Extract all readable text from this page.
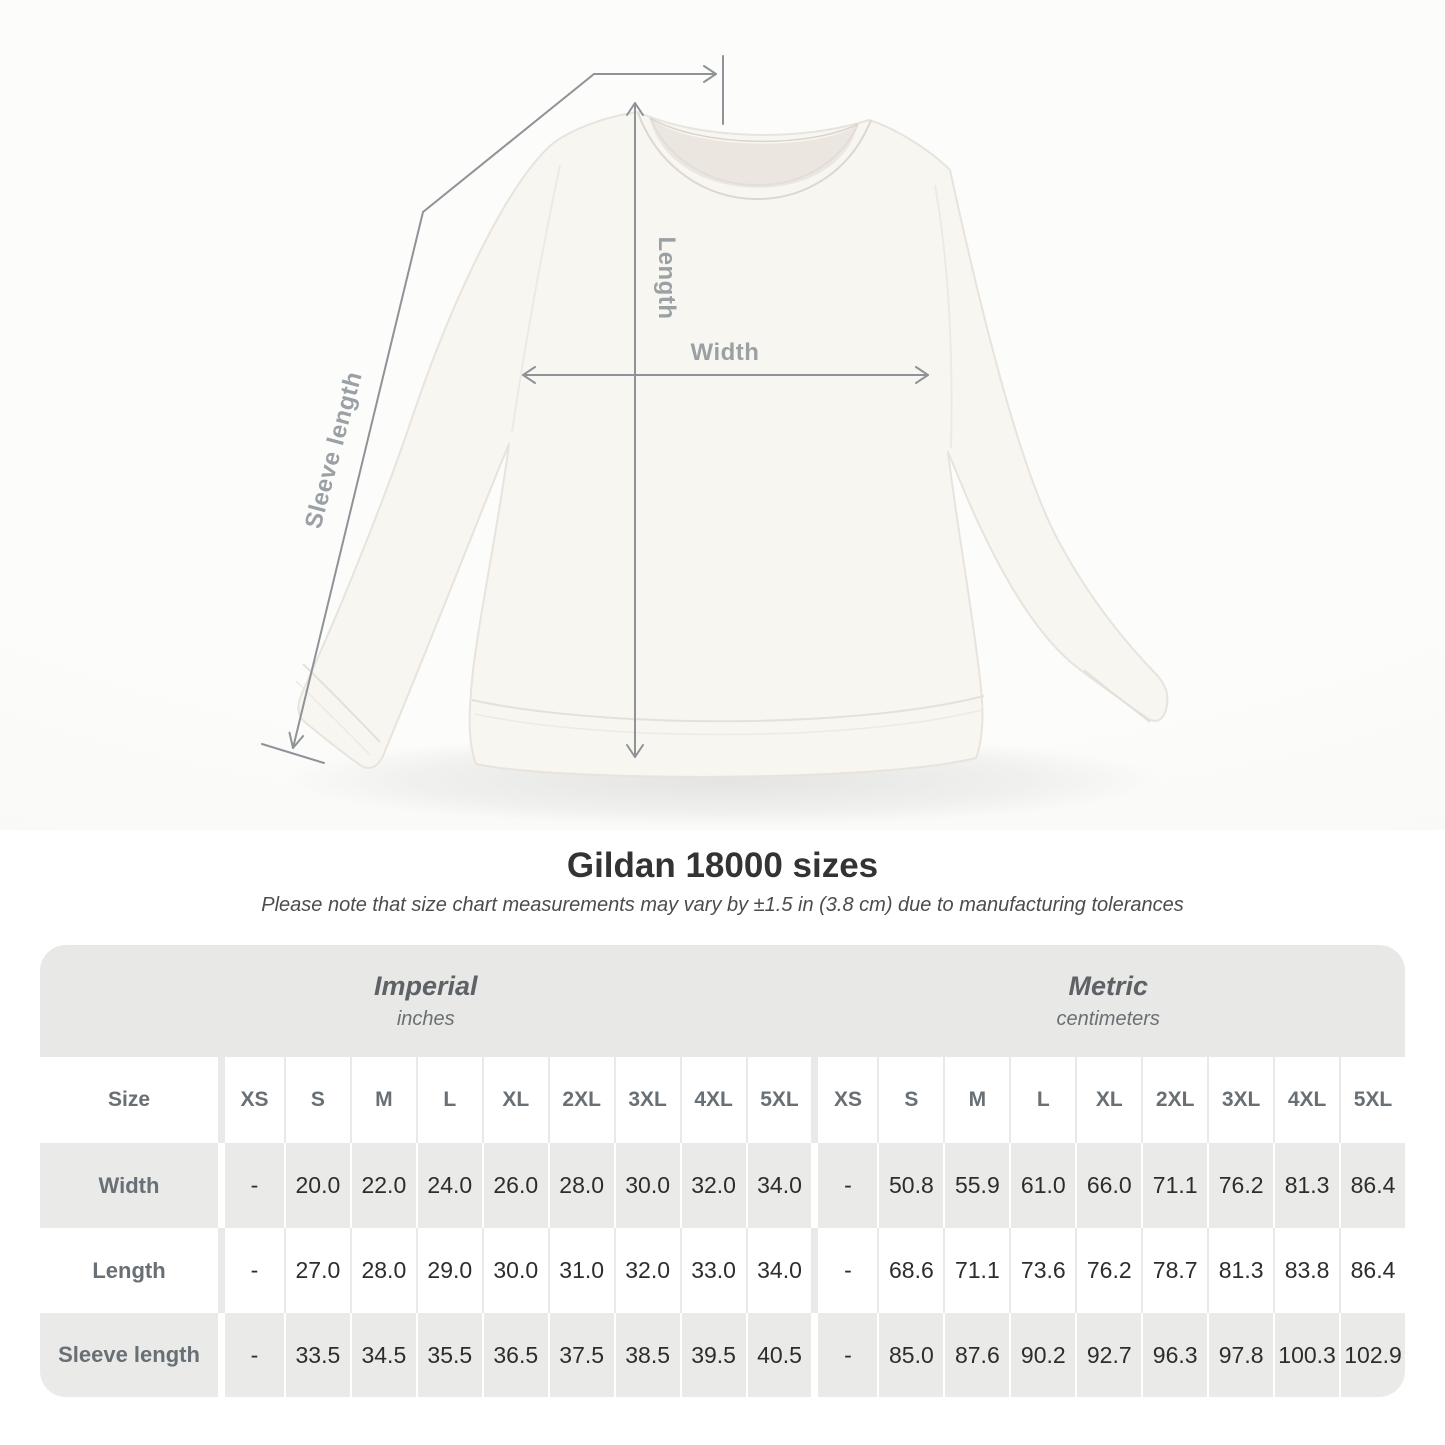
Width
Length
Sleeve length
Gildan 18000 sizes

Please note that size chart measurements may vary by ±1.5 in (3.8 cm) due to manufacturing tolerances

Imperial
inches
Metric
centimeters
Size	XS	S	M	L	XL	2XL	3XL	4XL	5XL	XS	S	M	L	XL	2XL	3XL	4XL	5XL
Width	-	20.0 22.0 24.0 26.0 28.0 30.0 32.0 34.0	-	50.8 55.9 61.0 66.0 71.1 76.2 81.3 86.4
Length	-	27.0 28.0 29.0 30.0 31.0 32.0 33.0 34.0	-	68.6 71.1 73.6 76.2 78.7 81.3 83.8 86.4
Sleeve length	-	33.5 34.5 35.5 36.5 37.5 38.5 39.5 40.5	-	85.0 87.6 90.2 92.7 96.3 97.8 100.3 102.9
